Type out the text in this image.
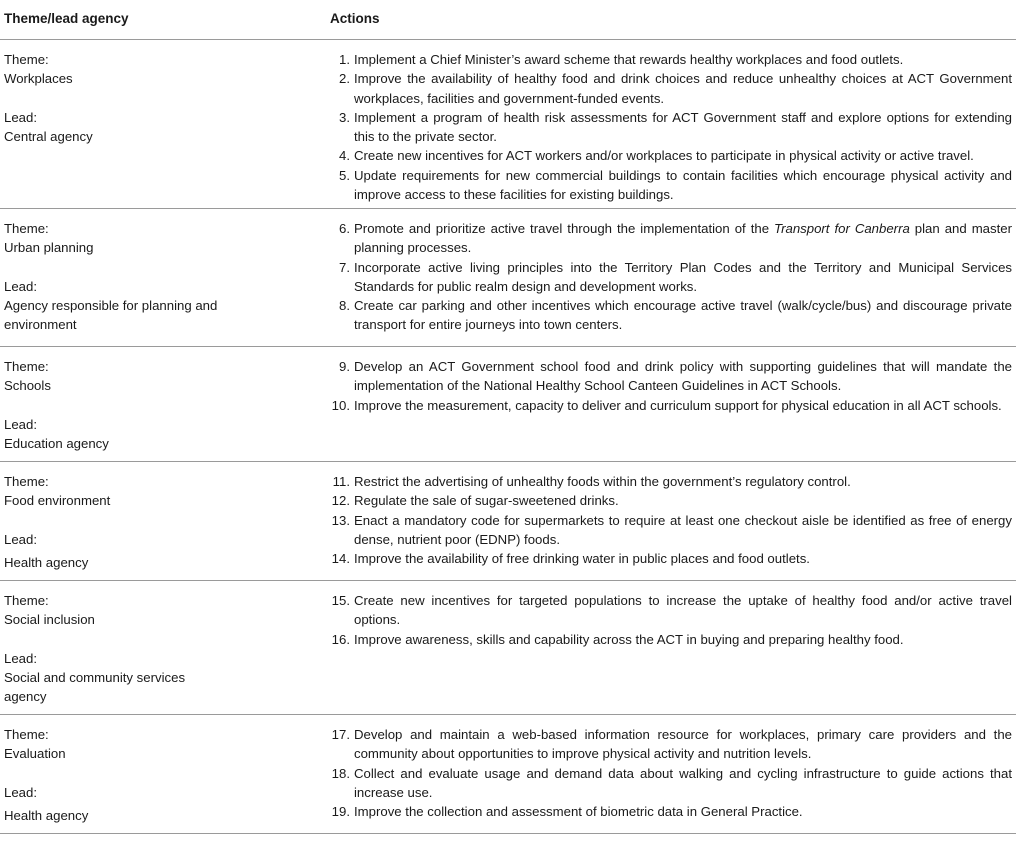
Theme/lead agency	Actions
Theme:
Workplaces
Lead:
Central agency
1. Implement a Chief Minister’s award scheme that rewards healthy workplaces and food outlets.
2. Improve the availability of healthy food and drink choices and reduce unhealthy choices at ACT Government workplaces, facilities and government-funded events.
3. Implement a program of health risk assessments for ACT Government staff and explore options for extending this to the private sector.
4. Create new incentives for ACT workers and/or workplaces to participate in physical activity or active travel.
5. Update requirements for new commercial buildings to contain facilities which encourage physical activity and improve access to these facilities for existing buildings.
Theme:
Urban planning
Lead:
Agency responsible for planning and environment
6. Promote and prioritize active travel through the implementation of the Transport for Canberra plan and master planning processes.
7. Incorporate active living principles into the Territory Plan Codes and the Territory and Municipal Services Standards for public realm design and development works.
8. Create car parking and other incentives which encourage active travel (walk/cycle/bus) and discourage private transport for entire journeys into town centers.
Theme:
Schools
Lead:
Education agency
9. Develop an ACT Government school food and drink policy with supporting guidelines that will mandate the implementation of the National Healthy School Canteen Guidelines in ACT Schools.
10. Improve the measurement, capacity to deliver and curriculum support for physical education in all ACT schools.
Theme:
Food environment
Lead:
Health agency
11. Restrict the advertising of unhealthy foods within the government’s regulatory control.
12. Regulate the sale of sugar-sweetened drinks.
13. Enact a mandatory code for supermarkets to require at least one checkout aisle be identified as free of energy dense, nutrient poor (EDNP) foods.
14. Improve the availability of free drinking water in public places and food outlets.
Theme:
Social inclusion
Lead:
Social and community services agency
15. Create new incentives for targeted populations to increase the uptake of healthy food and/or active travel options.
16. Improve awareness, skills and capability across the ACT in buying and preparing healthy food.
Theme:
Evaluation
Lead:
Health agency
17. Develop and maintain a web-based information resource for workplaces, primary care providers and the community about opportunities to improve physical activity and nutrition levels.
18. Collect and evaluate usage and demand data about walking and cycling infrastructure to guide actions that increase use.
19. Improve the collection and assessment of biometric data in General Practice.
